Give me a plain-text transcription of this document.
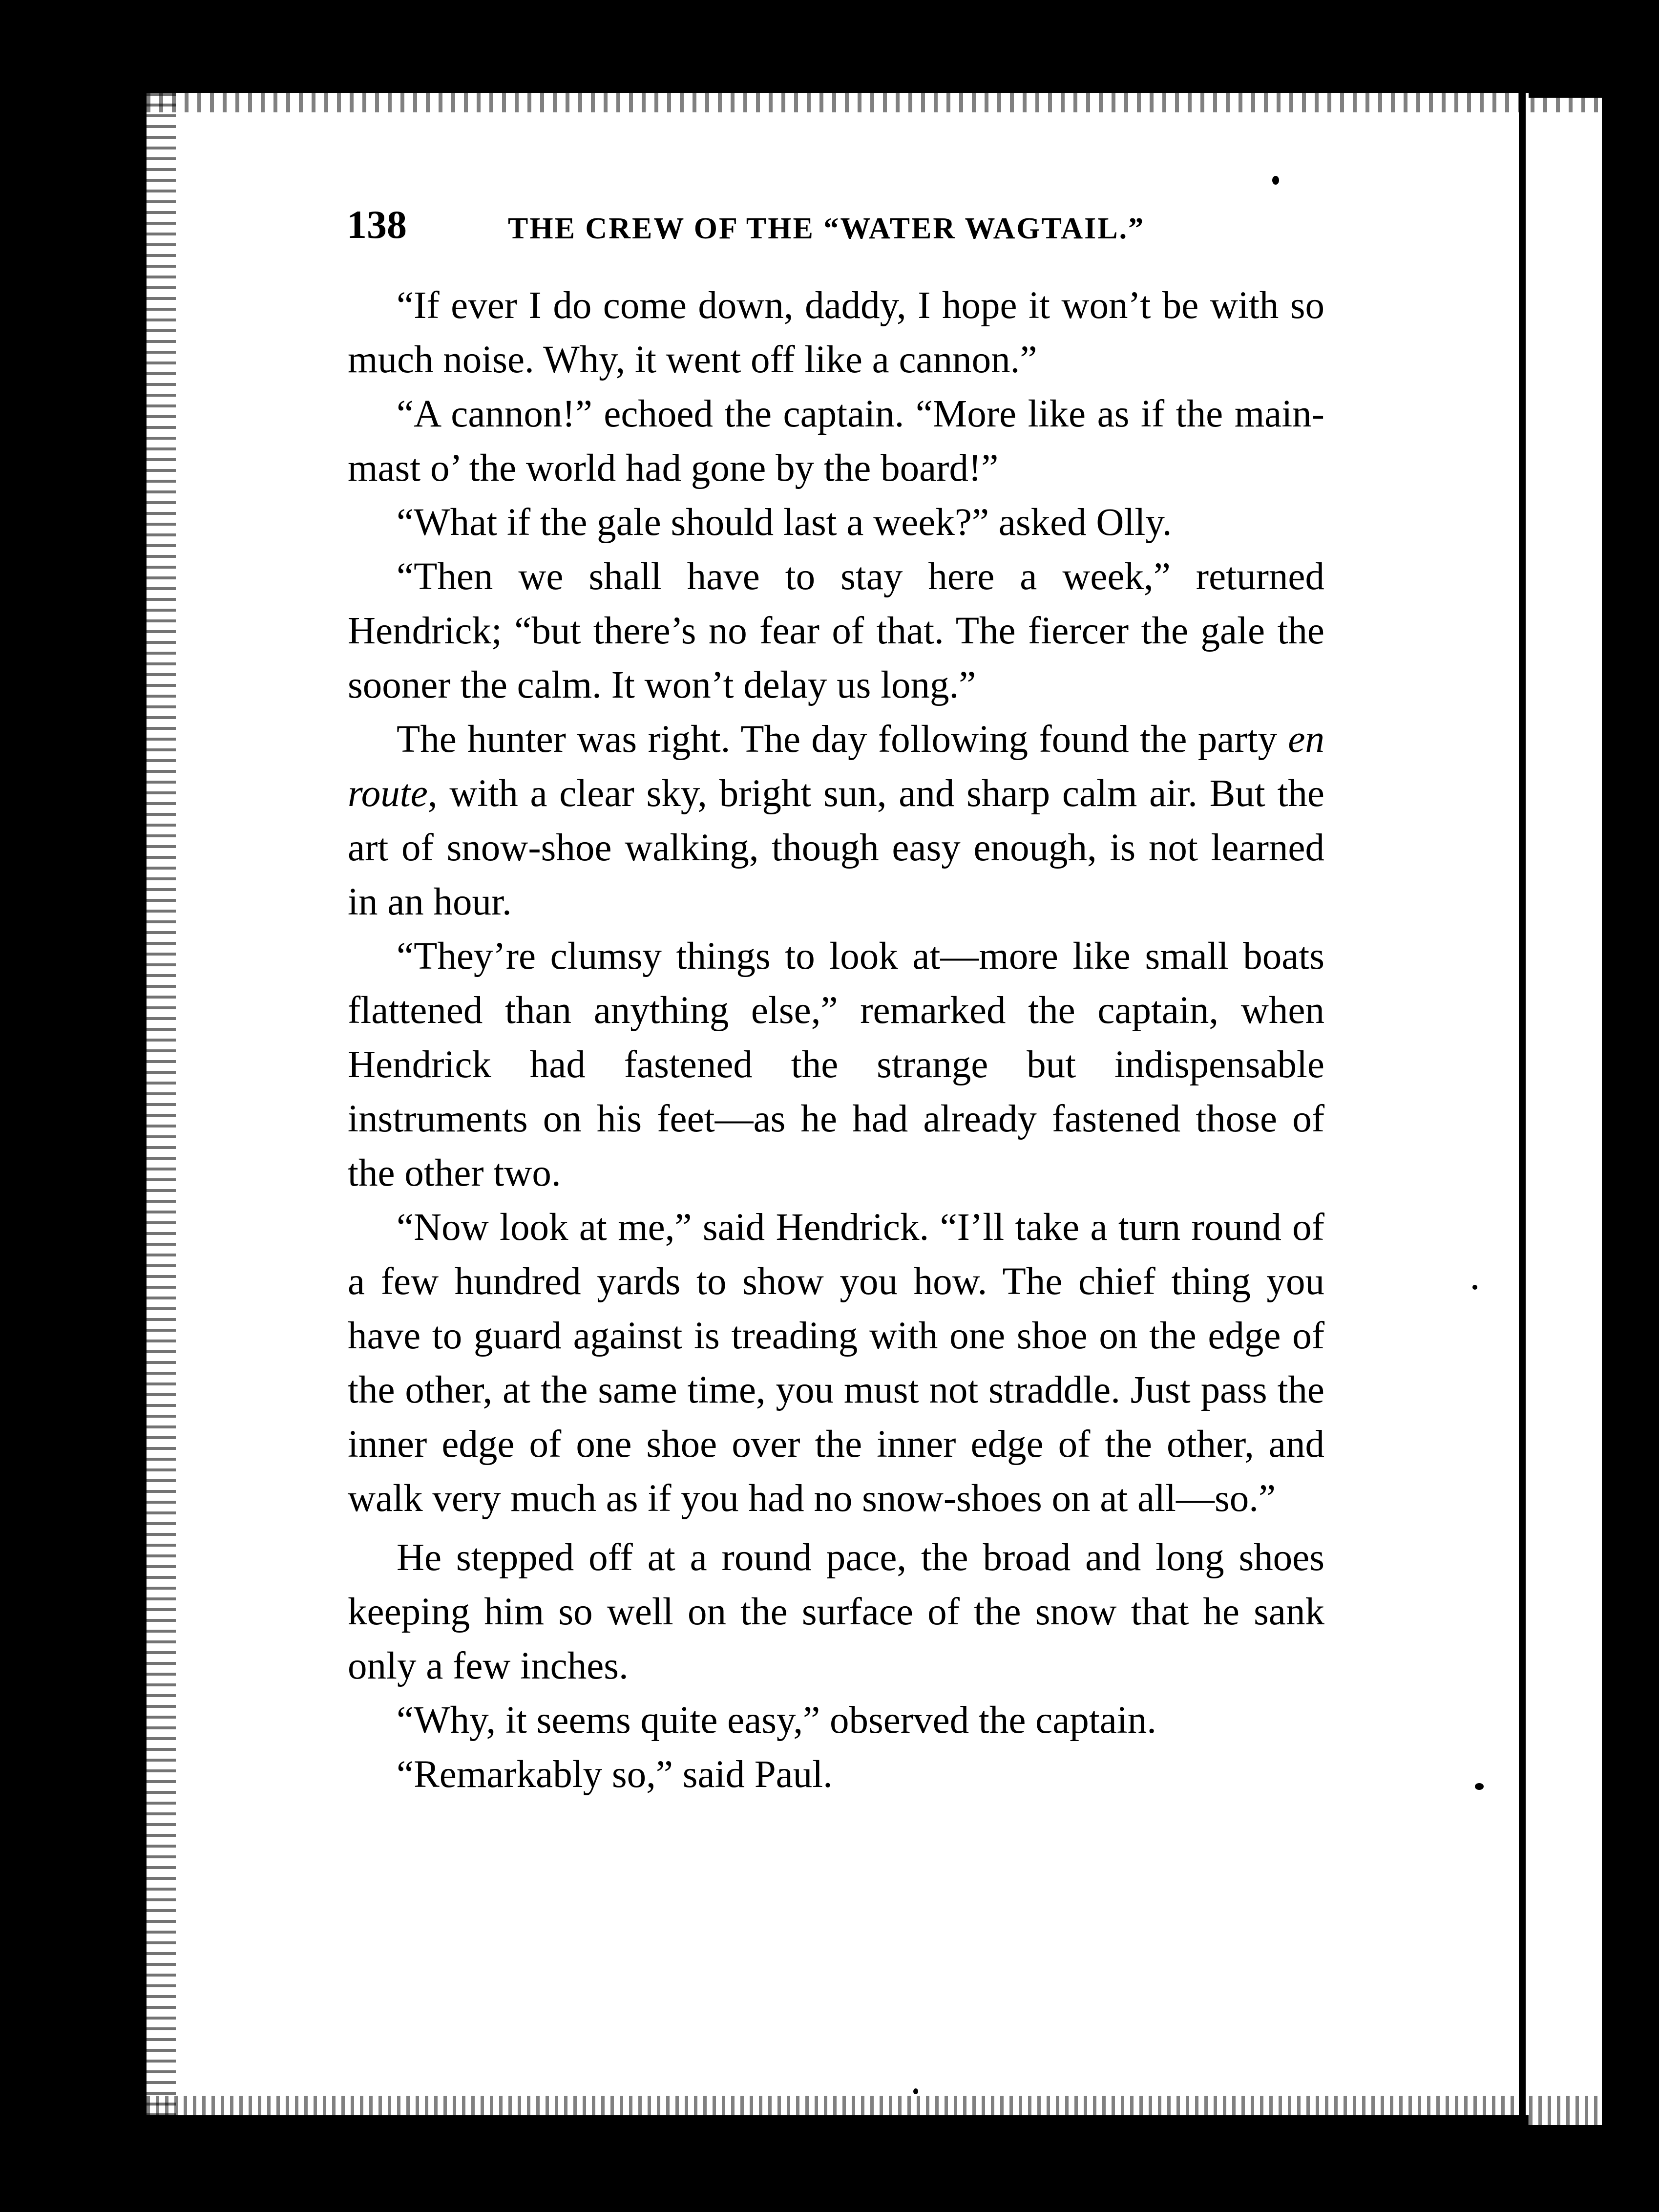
138	THE CREW OF THE “WATER WAGTAIL.”

“If ever I do come down, daddy, I hope it won’t be with so much noise. Why, it went off like a cannon.”

“A cannon!” echoed the captain. “More like as if the main-mast o’ the world had gone by the board!”

“What if the gale should last a week?” asked Olly.

“Then we shall have to stay here a week,” returned Hendrick; “but there’s no fear of that. The fiercer the gale the sooner the calm. It won’t delay us long.”

The hunter was right. The day following found the party en route, with a clear sky, bright sun, and sharp calm air. But the art of snow-shoe walking, though easy enough, is not learned in an hour.

“They’re clumsy things to look at—more like small boats flattened than anything else,” remarked the captain, when Hendrick had fastened the strange but indispensable instruments on his feet—as he had already fastened those of the other two.

“Now look at me,” said Hendrick. “I’ll take a turn round of a few hundred yards to show you how. The chief thing you have to guard against is treading with one shoe on the edge of the other, at the same time, you must not straddle. Just pass the inner edge of one shoe over the inner edge of the other, and walk very much as if you had no snow-shoes on at all—so.”

He stepped off at a round pace, the broad and long shoes keeping him so well on the surface of the snow that he sank only a few inches.

“Why, it seems quite easy,” observed the captain.

“Remarkably so,” said Paul.
